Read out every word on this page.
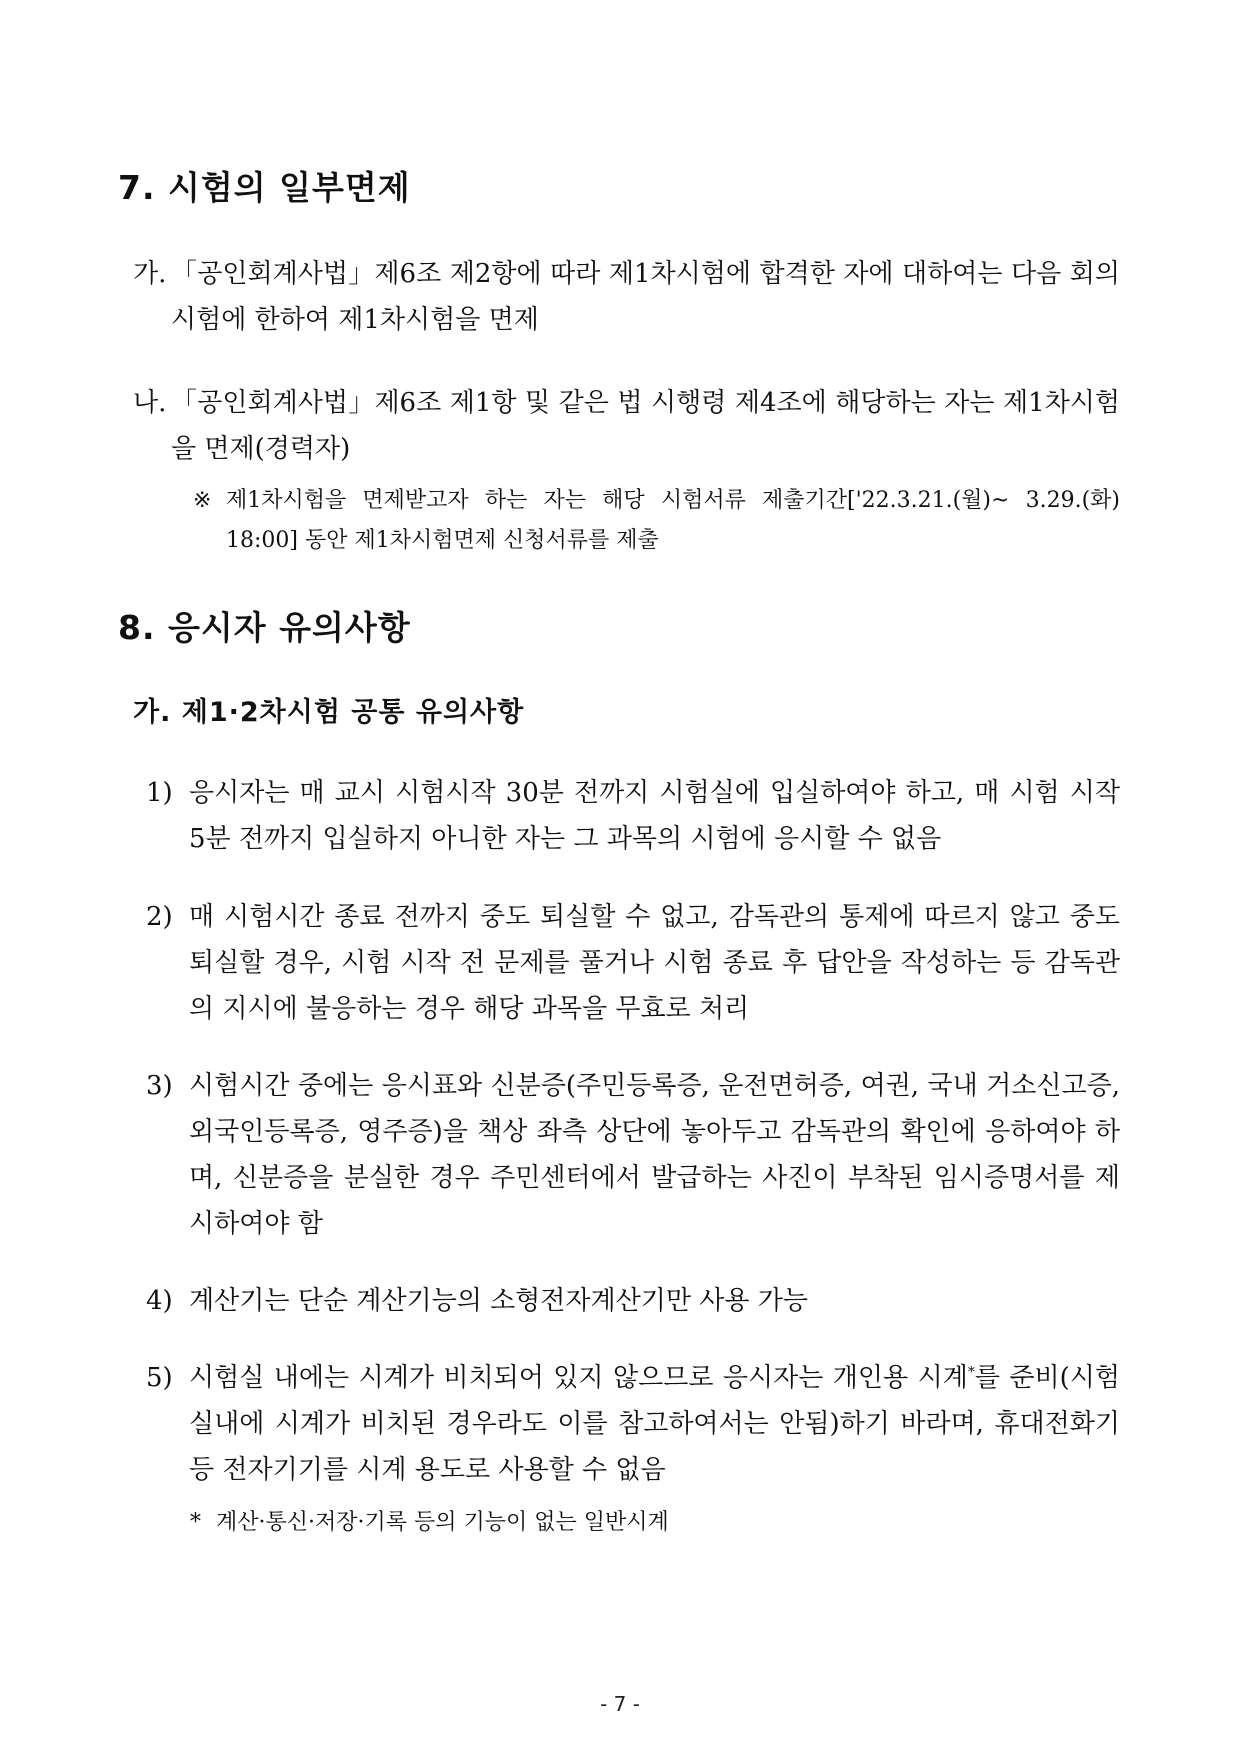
7. 시험의 일부면제
가. 「공인회계사법」제6조 제2항에 따라 제1차시험에 합격한 자에 대하여는 다음 회의 시험에 한하여 제1차시험을 면제
나. 「공인회계사법」제6조 제1항 및 같은 법 시행령 제4조에 해당하는 자는 제1차시험을 면제(경력자)
※ 제1차시험을 면제받고자 하는 자는 해당 시험서류 제출기간['22.3.21.(월)~ 3.29.(화) 18:00] 동안 제1차시험면제 신청서류를 제출
8. 응시자 유의사항
가. 제1·2차시험 공통 유의사항
1) 응시자는 매 교시 시험시작 30분 전까지 시험실에 입실하여야 하고, 매 시험 시작 5분 전까지 입실하지 아니한 자는 그 과목의 시험에 응시할 수 없음
2) 매 시험시간 종료 전까지 중도 퇴실할 수 없고, 감독관의 통제에 따르지 않고 중도 퇴실할 경우, 시험 시작 전 문제를 풀거나 시험 종료 후 답안을 작성하는 등 감독관의 지시에 불응하는 경우 해당 과목을 무효로 처리
3) 시험시간 중에는 응시표와 신분증(주민등록증, 운전면허증, 여권, 국내 거소신고증, 외국인등록증, 영주증)을 책상 좌측 상단에 놓아두고 감독관의 확인에 응하여야 하며, 신분증을 분실한 경우 주민센터에서 발급하는 사진이 부착된 임시증명서를 제시하여야 함
4) 계산기는 단순 계산기능의 소형전자계산기만 사용 가능
5) 시험실 내에는 시계가 비치되어 있지 않으므로 응시자는 개인용 시계*를 준비(시험실내에 시계가 비치된 경우라도 이를 참고하여서는 안됨)하기 바라며, 휴대전화기 등 전자기기를 시계 용도로 사용할 수 없음
* 계산·통신·저장·기록 등의 기능이 없는 일반시계
- 7 -
